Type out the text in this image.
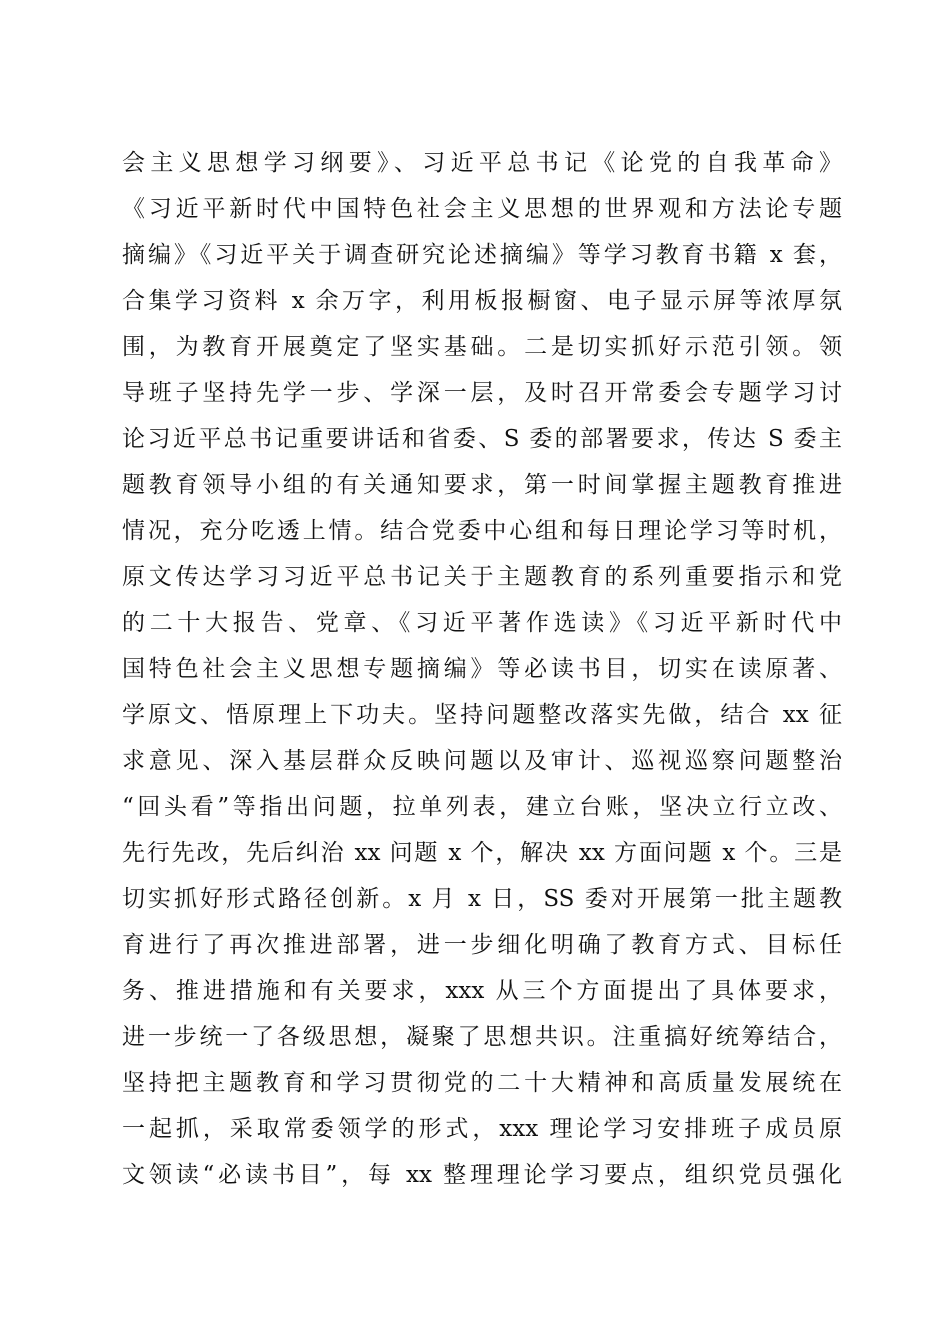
会主义思想学习纲要》、习近平总书记《论党的自我革命》
《习近平新时代中国特色社会主义思想的世界观和方法论专题
摘编》《习近平关于调查研究论述摘编》等学习教育书籍 x 套，
合集学习资料 x 余万字，利用板报橱窗、电子显示屏等浓厚氛
围，为教育开展奠定了坚实基础。二是切实抓好示范引领。领
导班子坚持先学一步、学深一层，及时召开常委会专题学习讨
论习近平总书记重要讲话和省委、S 委的部署要求，传达 S 委主
题教育领导小组的有关通知要求，第一时间掌握主题教育推进
情况，充分吃透上情。结合党委中心组和每日理论学习等时机，
原文传达学习习近平总书记关于主题教育的系列重要指示和党
的二十大报告、党章、《习近平著作选读》《习近平新时代中
国特色社会主义思想专题摘编》等必读书目，切实在读原著、
学原文、悟原理上下功夫。坚持问题整改落实先做，结合 xx 征
求意见、深入基层群众反映问题以及审计、巡视巡察问题整治
“回头看”等指出问题，拉单列表，建立台账，坚决立行立改、
先行先改，先后纠治 xx 问题 x 个，解决 xx 方面问题 x 个。三是
切实抓好形式路径创新。x 月 x 日，SS 委对开展第一批主题教
育进行了再次推进部署，进一步细化明确了教育方式、目标任
务、推进措施和有关要求，xxx 从三个方面提出了具体要求，
进一步统一了各级思想，凝聚了思想共识。注重搞好统筹结合，
坚持把主题教育和学习贯彻党的二十大精神和高质量发展统在
一起抓，采取常委领学的形式，xxx 理论学习安排班子成员原
文领读“必读书目”，每 xx 整理理论学习要点，组织党员强化
